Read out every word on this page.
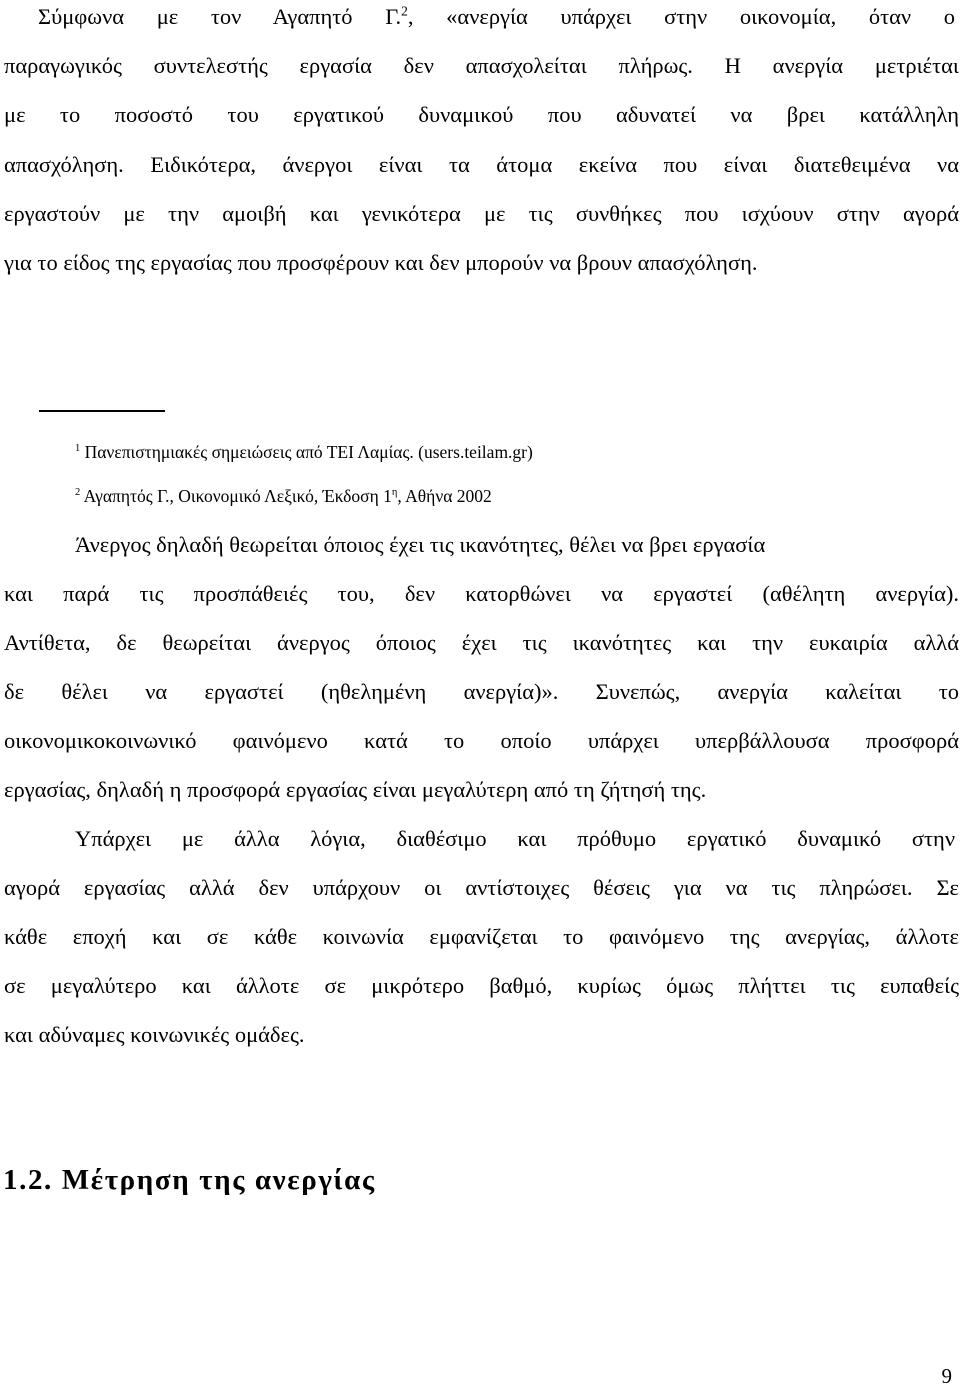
Σύμφωνα με τον Αγαπητό Γ.$^2$, «ανεργία υπάρχει στην οικονομία, όταν ο
παραγωγικός συντελεστής εργασία δεν απασχολείται πλήρως. Η ανεργία μετριέται
με το ποσοστό του εργατικού δυναμικού που αδυνατεί να βρει κατάλληλη
απασχόληση. Ειδικότερα, άνεργοι είναι τα άτομα εκείνα που είναι διατεθειμένα να
εργαστούν με την αμοιβή και γενικότερα με τις συνθήκες που ισχύουν στην αγορά
για το είδος της εργασίας που προσφέρουν και δεν μπορούν να βρουν απασχόληση.
$^1$ Πανεπιστημιακές σημειώσεις από ΤΕΙ Λαμίας. (users.teilam.gr)
$^2$ Αγαπητός Γ., Οικονομικό Λεξικό, Έκδοση $1^\eta$, Αθήνα 2002
Άνεργος δηλαδή θεωρείται όποιος έχει τις ικανότητες, θέλει να βρει εργασία
και παρά τις προσπάθειές του, δεν κατορθώνει να εργαστεί (αθέλητη ανεργία).
Αντίθετα, δε θεωρείται άνεργος όποιος έχει τις ικανότητες και την ευκαιρία αλλά
δε θέλει να εργαστεί (ηθελημένη ανεργία)». Συνεπώς, ανεργία καλείται το
οικονομικοκοινωνικό φαινόμενο κατά το οποίο υπάρχει υπερβάλλουσα προσφορά
εργασίας, δηλαδή η προσφορά εργασίας είναι μεγαλύτερη από τη ζήτησή της.
Υπάρχει με άλλα λόγια, διαθέσιμο και πρόθυμο εργατικό δυναμικό στην
αγορά εργασίας αλλά δεν υπάρχουν οι αντίστοιχες θέσεις για να τις πληρώσει. Σε
κάθε εποχή και σε κάθε κοινωνία εμφανίζεται το φαινόμενο της ανεργίας, άλλοτε
σε μεγαλύτερο και άλλοτε σε μικρότερο βαθμό, κυρίως όμως πλήττει τις ευπαθείς
και αδύναμες κοινωνικές ομάδες.
1.2. Μέτρηση της ανεργίας
9
